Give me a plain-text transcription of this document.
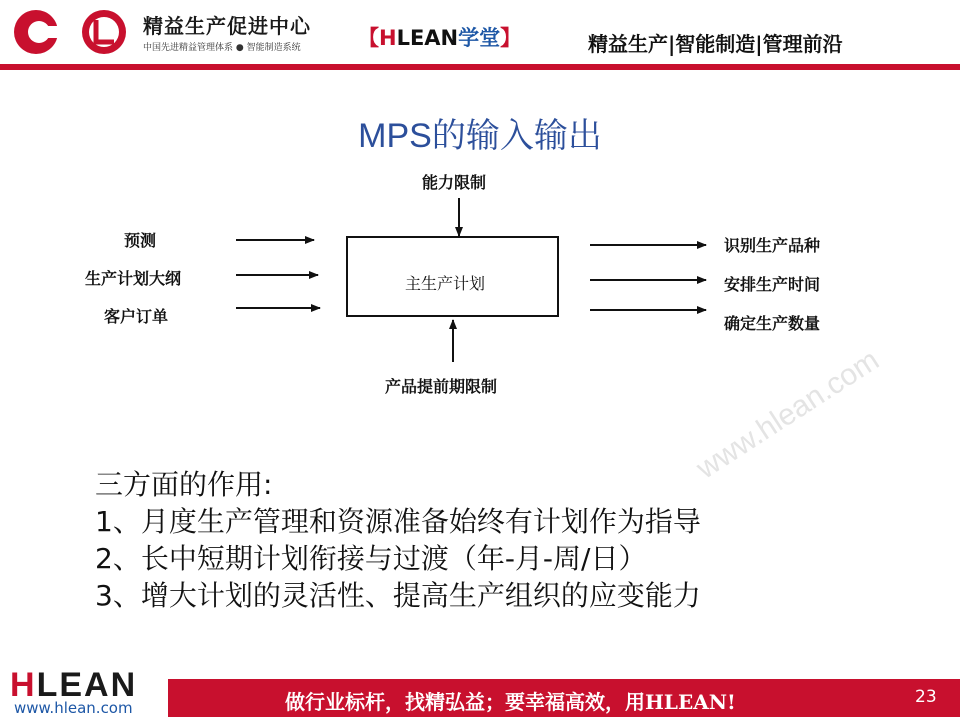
精益生产促进中心
中国先进精益管理体系 ● 智能制造系统	【HLEAN学堂】	精益生产|智能制造|管理前沿
MPS的输入输出
能力限制
预测
生产计划大纲
客户订单
主生产计划
识别生产品种
安排生产时间
确定生产数量
产品提前期限制	www.hlean.com
三方面的作用:
1、月度生产管理和资源准备始终有计划作为指导
2、长中短期计划衔接与过渡（年-月-周/日）
3、增大计划的灵活性、提高生产组织的应变能力
HLEAN
www.hlean.com	做行业标杆，找精弘益；要幸福高效，用HLEAN!	23
